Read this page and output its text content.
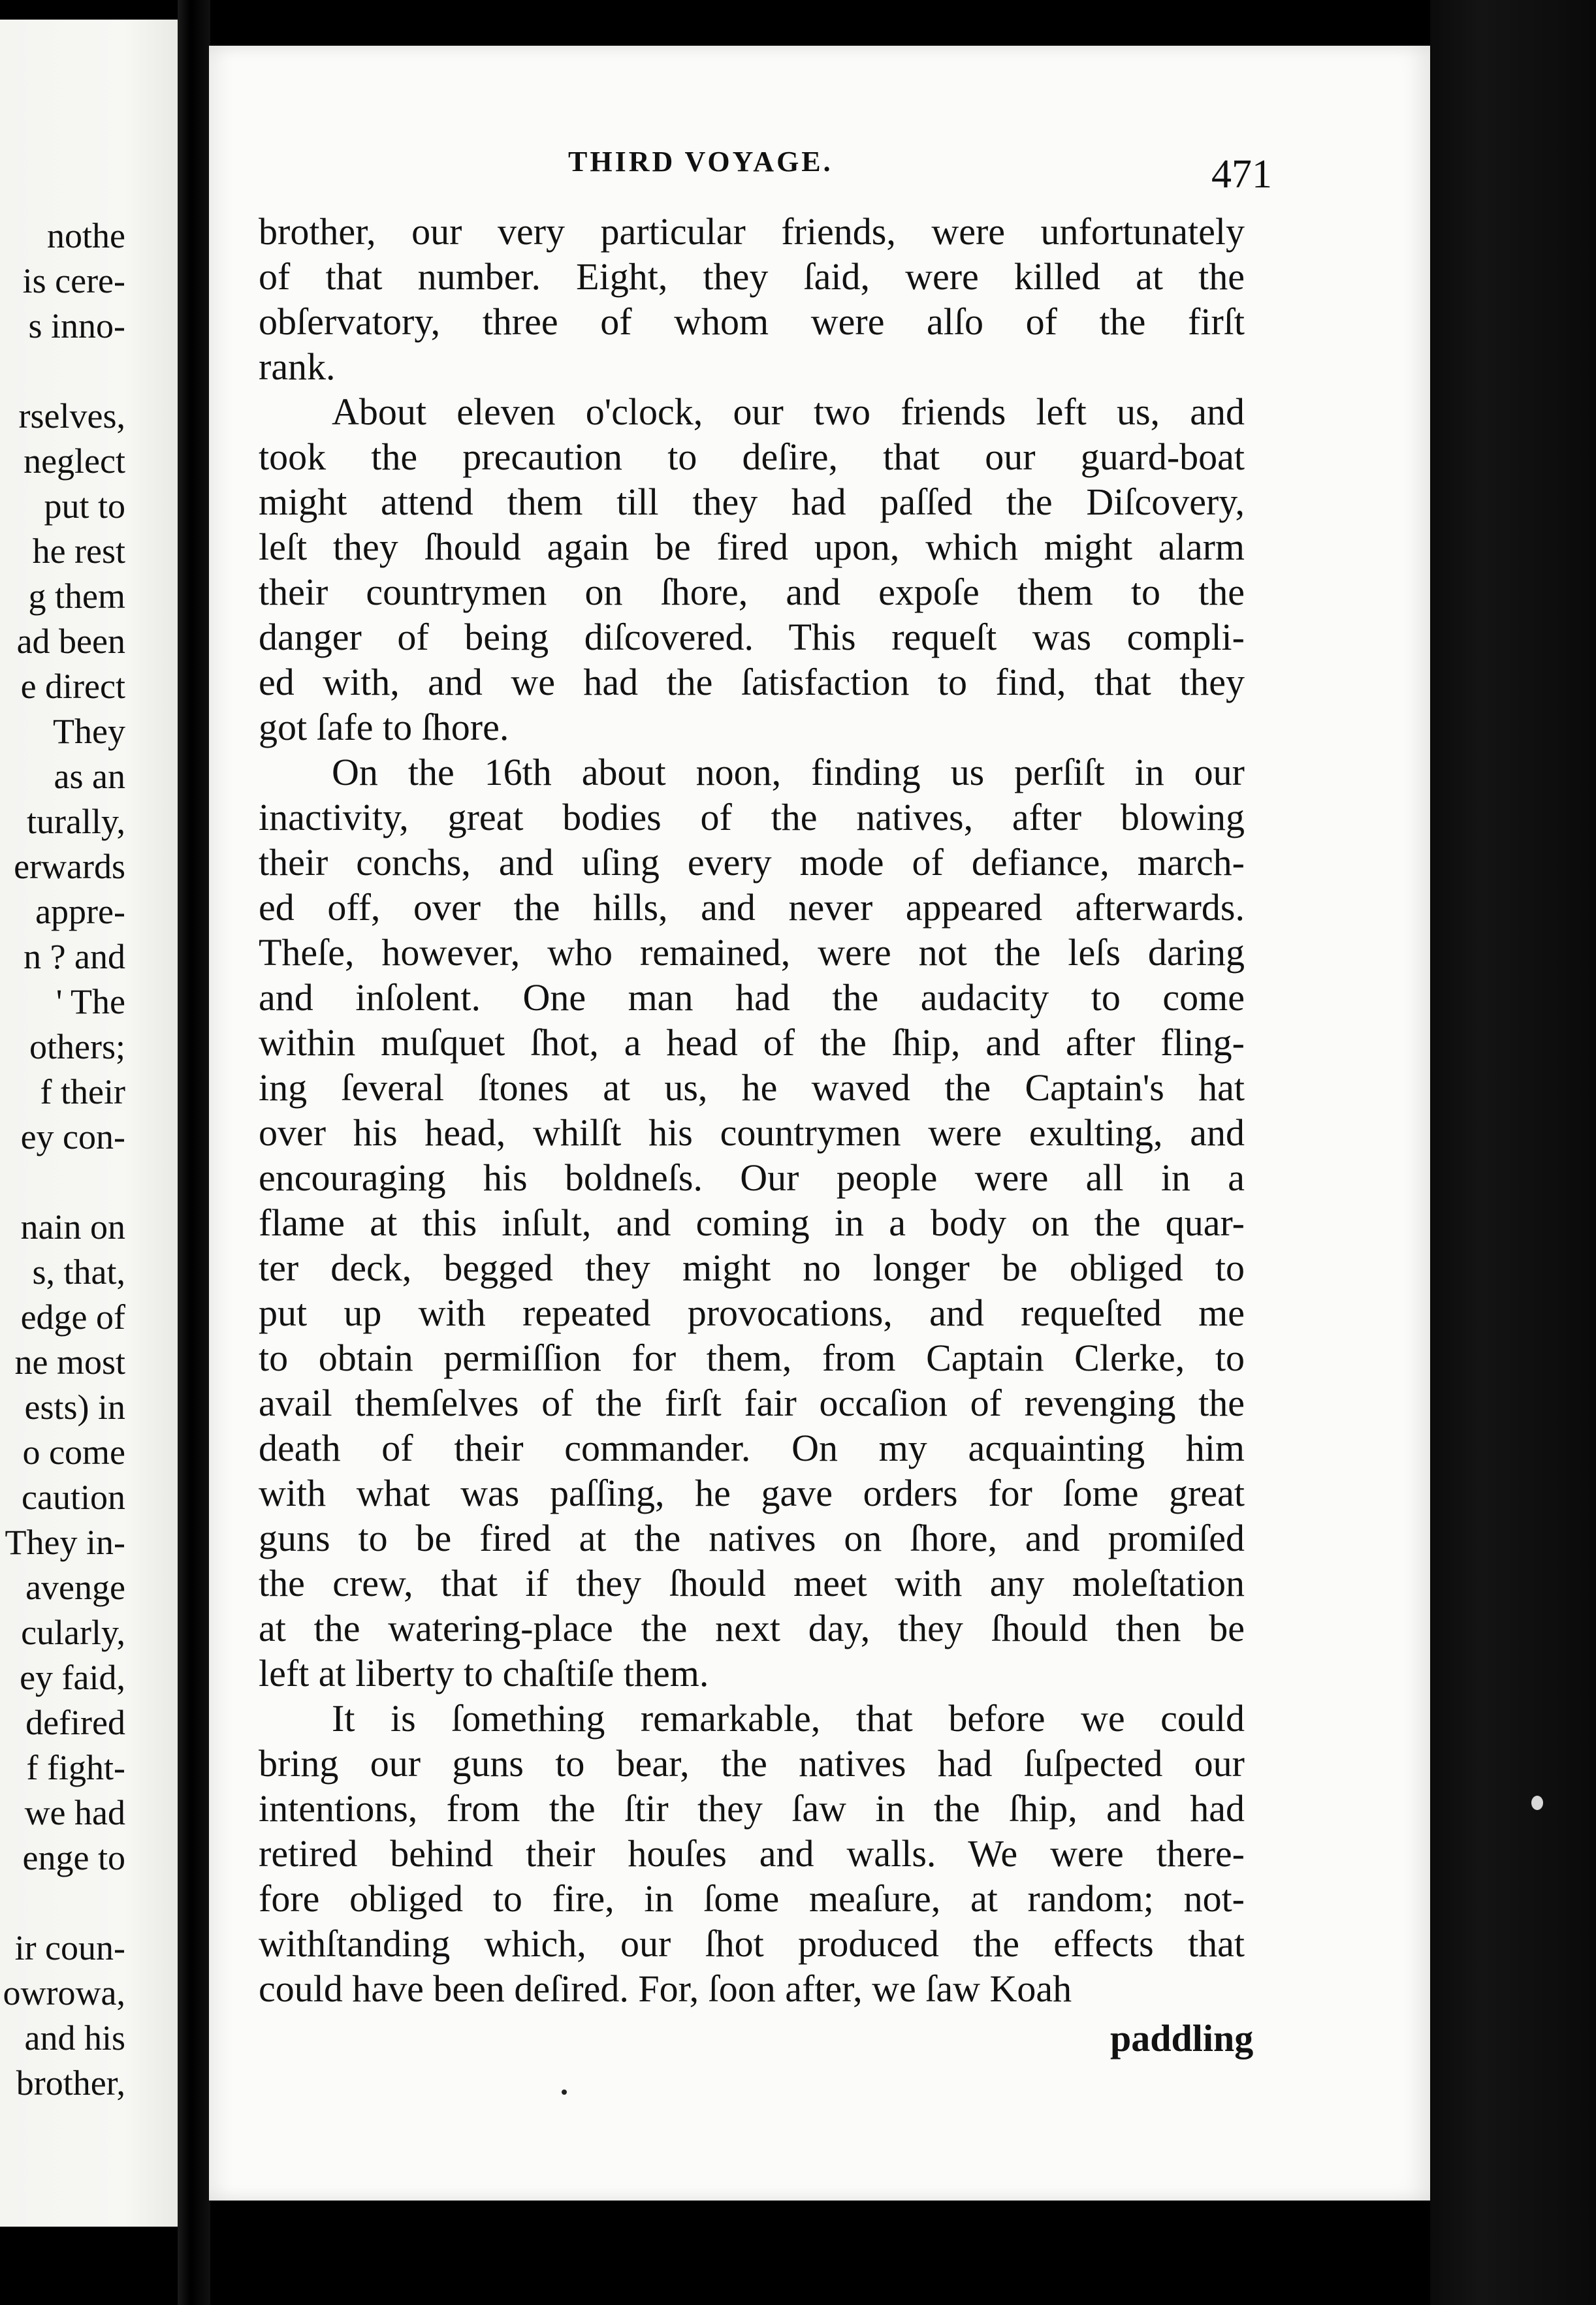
nothe
is cere-
s inno-
rselves,
neglect
put to
he rest
g them
ad been
e direct
They
as an
turally,
erwards
appre-
n ? and
' The
others;
f their
ey con-
nain on
s, that,
edge of
ne most
ests) in
o come
caution
They in-
avenge
cularly,
ey faid,
defired
f fight-
we had
enge to
ir coun-
owrowa,
and his
brother,
THIRD VOYAGE.	471
brother, our very particular friends, were unfortunately
of that number. Eight, they ſaid, were killed at the
obſervatory, three of whom were alſo of the firſt
rank.
About eleven o'clock, our two friends left us, and
took the precaution to deſire, that our guard-boat
might attend them till they had paſſed the Diſcovery,
leſt they ſhould again be fired upon, which might alarm
their countrymen on ſhore, and expoſe them to the
danger of being diſcovered. This requeſt was compli-
ed with, and we had the ſatisfaction to find, that they
got ſafe to ſhore.
On the 16th about noon, finding us perſiſt in our
inactivity, great bodies of the natives, after blowing
their conchs, and uſing every mode of defiance, march-
ed off, over the hills, and never appeared afterwards.
Theſe, however, who remained, were not the leſs daring
and inſolent. One man had the audacity to come
within muſquet ſhot, a head of the ſhip, and after fling-
ing ſeveral ſtones at us, he waved the Captain's hat
over his head, whilſt his countrymen were exulting, and
encouraging his boldneſs. Our people were all in a
flame at this inſult, and coming in a body on the quar-
ter deck, begged they might no longer be obliged to
put up with repeated provocations, and requeſted me
to obtain permiſſion for them, from Captain Clerke, to
avail themſelves of the firſt fair occaſion of revenging the
death of their commander. On my acquainting him
with what was paſſing, he gave orders for ſome great
guns to be fired at the natives on ſhore, and promiſed
the crew, that if they ſhould meet with any moleſtation
at the watering-place the next day, they ſhould then be
left at liberty to chaſtiſe them.
It is ſomething remarkable, that before we could
bring our guns to bear, the natives had ſuſpected our
intentions, from the ſtir they ſaw in the ſhip, and had
retired behind their houſes and walls. We were there-
fore obliged to fire, in ſome meaſure, at random; not-
withſtanding which, our ſhot produced the effects that
could have been deſired. For, ſoon after, we ſaw Koah
paddling
